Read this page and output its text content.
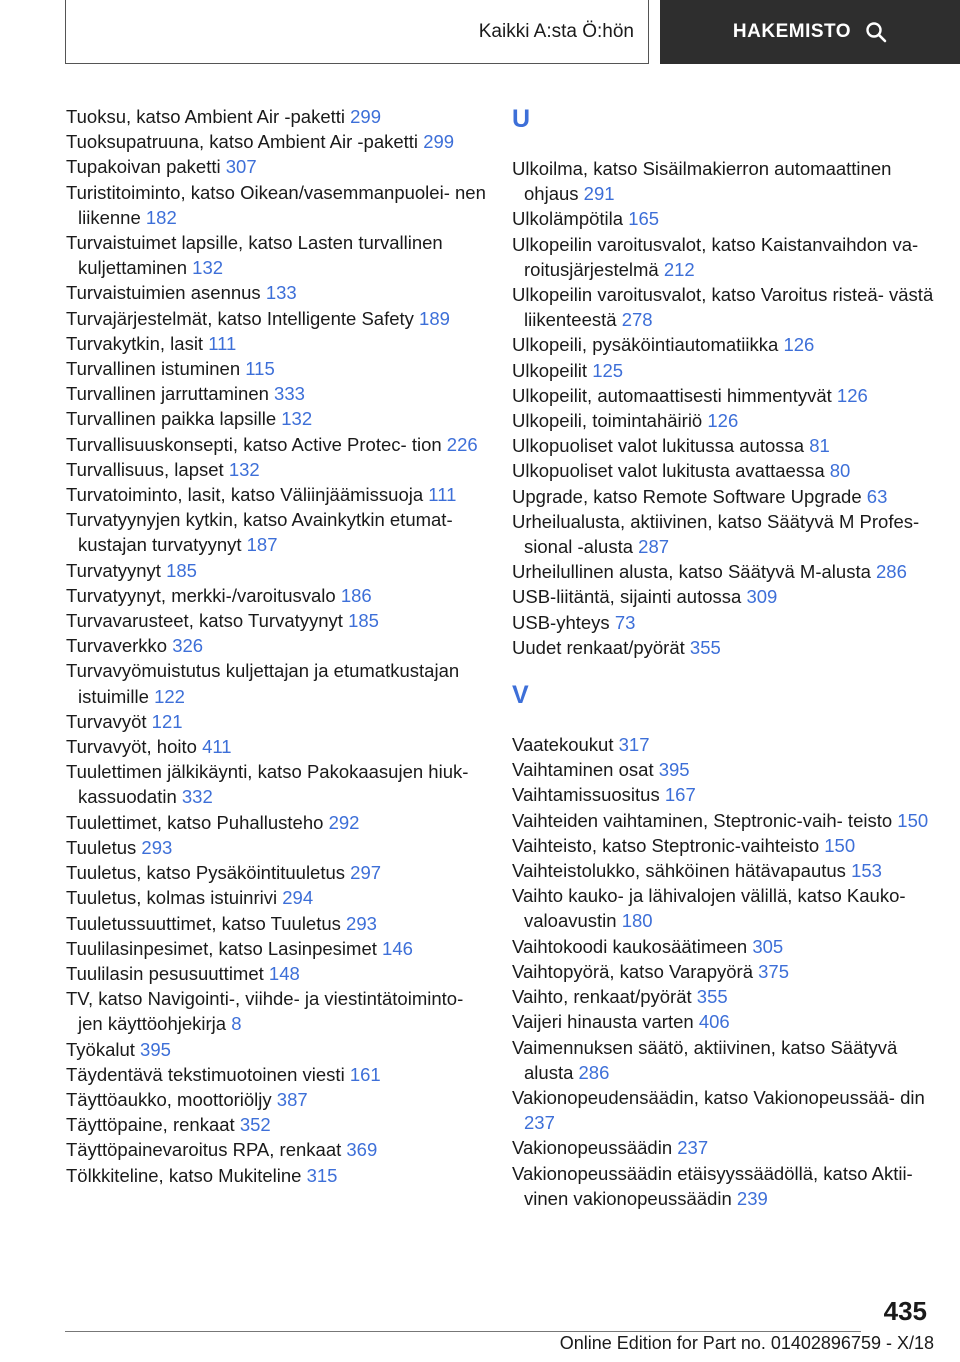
Kaikki A:sta Ö:hön	HAKEMISTO

Tuoksu, katso Ambient Air -paketti 299

Tuoksupatruuna, katso Ambient Air -paketti 299

Tupakoivan paketti 307

Turistitoiminto, katso Oikean/vasemmanpuolei‐ nen liikenne 182

Turvaistuimet lapsille, katso Lasten turvallinen kuljettaminen 132

Turvaistuimien asennus 133

Turvajärjestelmät, katso Intelligente Safety 189

Turvakytkin, lasit 111

Turvallinen istuminen 115

Turvallinen jarruttaminen 333

Turvallinen paikka lapsille 132

Turvallisuuskonsepti, katso Active Protec‐ tion 226

Turvallisuus, lapset 132

Turvatoiminto, lasit, katso Väliinjäämissuoja 111

Turvatyynyjen kytkin, katso Avainkytkin etumat‐ kustajan turvatyynyt 187

Turvatyynyt 185

Turvatyynyt, merkki-/varoitusvalo 186

Turvavarusteet, katso Turvatyynyt 185

Turvaverkko 326

Turvavyömuistutus kuljettajan ja etumatkustajan istuimille 122

Turvavyöt 121

Turvavyöt, hoito 411

Tuulettimen jälkikäynti, katso Pakokaasujen hiuk‐ kassuodatin 332

Tuulettimet, katso Puhallusteho 292

Tuuletus 293

Tuuletus, katso Pysäköintituuletus 297

Tuuletus, kolmas istuinrivi 294

Tuuletussuuttimet, katso Tuuletus 293

Tuulilasinpesimet, katso Lasinpesimet 146

Tuulilasin pesusuuttimet 148

TV, katso Navigointi-, viihde- ja viestintätoiminto‐ jen käyttöohjekirja 8

Työkalut 395

Täydentävä tekstimuotoinen viesti 161

Täyttöaukko, moottoriöljy 387

Täyttöpaine, renkaat 352

Täyttöpainevaroitus RPA, renkaat 369

Tölkkiteline, katso Mukiteline 315

U

Ulkoilma, katso Sisäilmakierron automaattinen ohjaus 291

Ulkolämpötila 165

Ulkopeilin varoitusvalot, katso Kaistanvaihdon va‐ roitusjärjestelmä 212

Ulkopeilin varoitusvalot, katso Varoitus risteä‐ västä liikenteestä 278

Ulkopeili, pysäköintiautomatiikka 126

Ulkopeilit 125

Ulkopeilit, automaattisesti himmentyvät 126

Ulkopeili, toimintahäiriö 126

Ulkopuoliset valot lukitussa autossa 81

Ulkopuoliset valot lukitusta avattaessa 80

Upgrade, katso Remote Software Upgrade 63

Urheilualusta, aktiivinen, katso Säätyvä M Profes‐ sional -alusta 287

Urheilullinen alusta, katso Säätyvä M-alusta 286

USB-liitäntä, sijainti autossa 309

USB-yhteys 73

Uudet renkaat/pyörät 355

V

Vaatekoukut 317

Vaihtaminen osat 395

Vaihtamissuositus 167

Vaihteiden vaihtaminen, Steptronic-vaih‐ teisto 150

Vaihteisto, katso Steptronic-vaihteisto 150

Vaihteistolukko, sähköinen hätävapautus 153

Vaihto kauko- ja lähivalojen välillä, katso Kauko‐ valoavustin 180

Vaihtokoodi kaukosäätimeen 305

Vaihtopyörä, katso Varapyörä 375

Vaihto, renkaat/pyörät 355

Vaijeri hinausta varten 406

Vaimennuksen säätö, aktiivinen, katso Säätyvä alusta 286

Vakionopeudensäädin, katso Vakionopeussää‐ din 237

Vakionopeussäädin 237

Vakionopeussäädin etäisyyssäädöllä, katso Aktii‐ vinen vakionopeussäädin 239

435
Online Edition for Part no. 01402896759 - X/18
